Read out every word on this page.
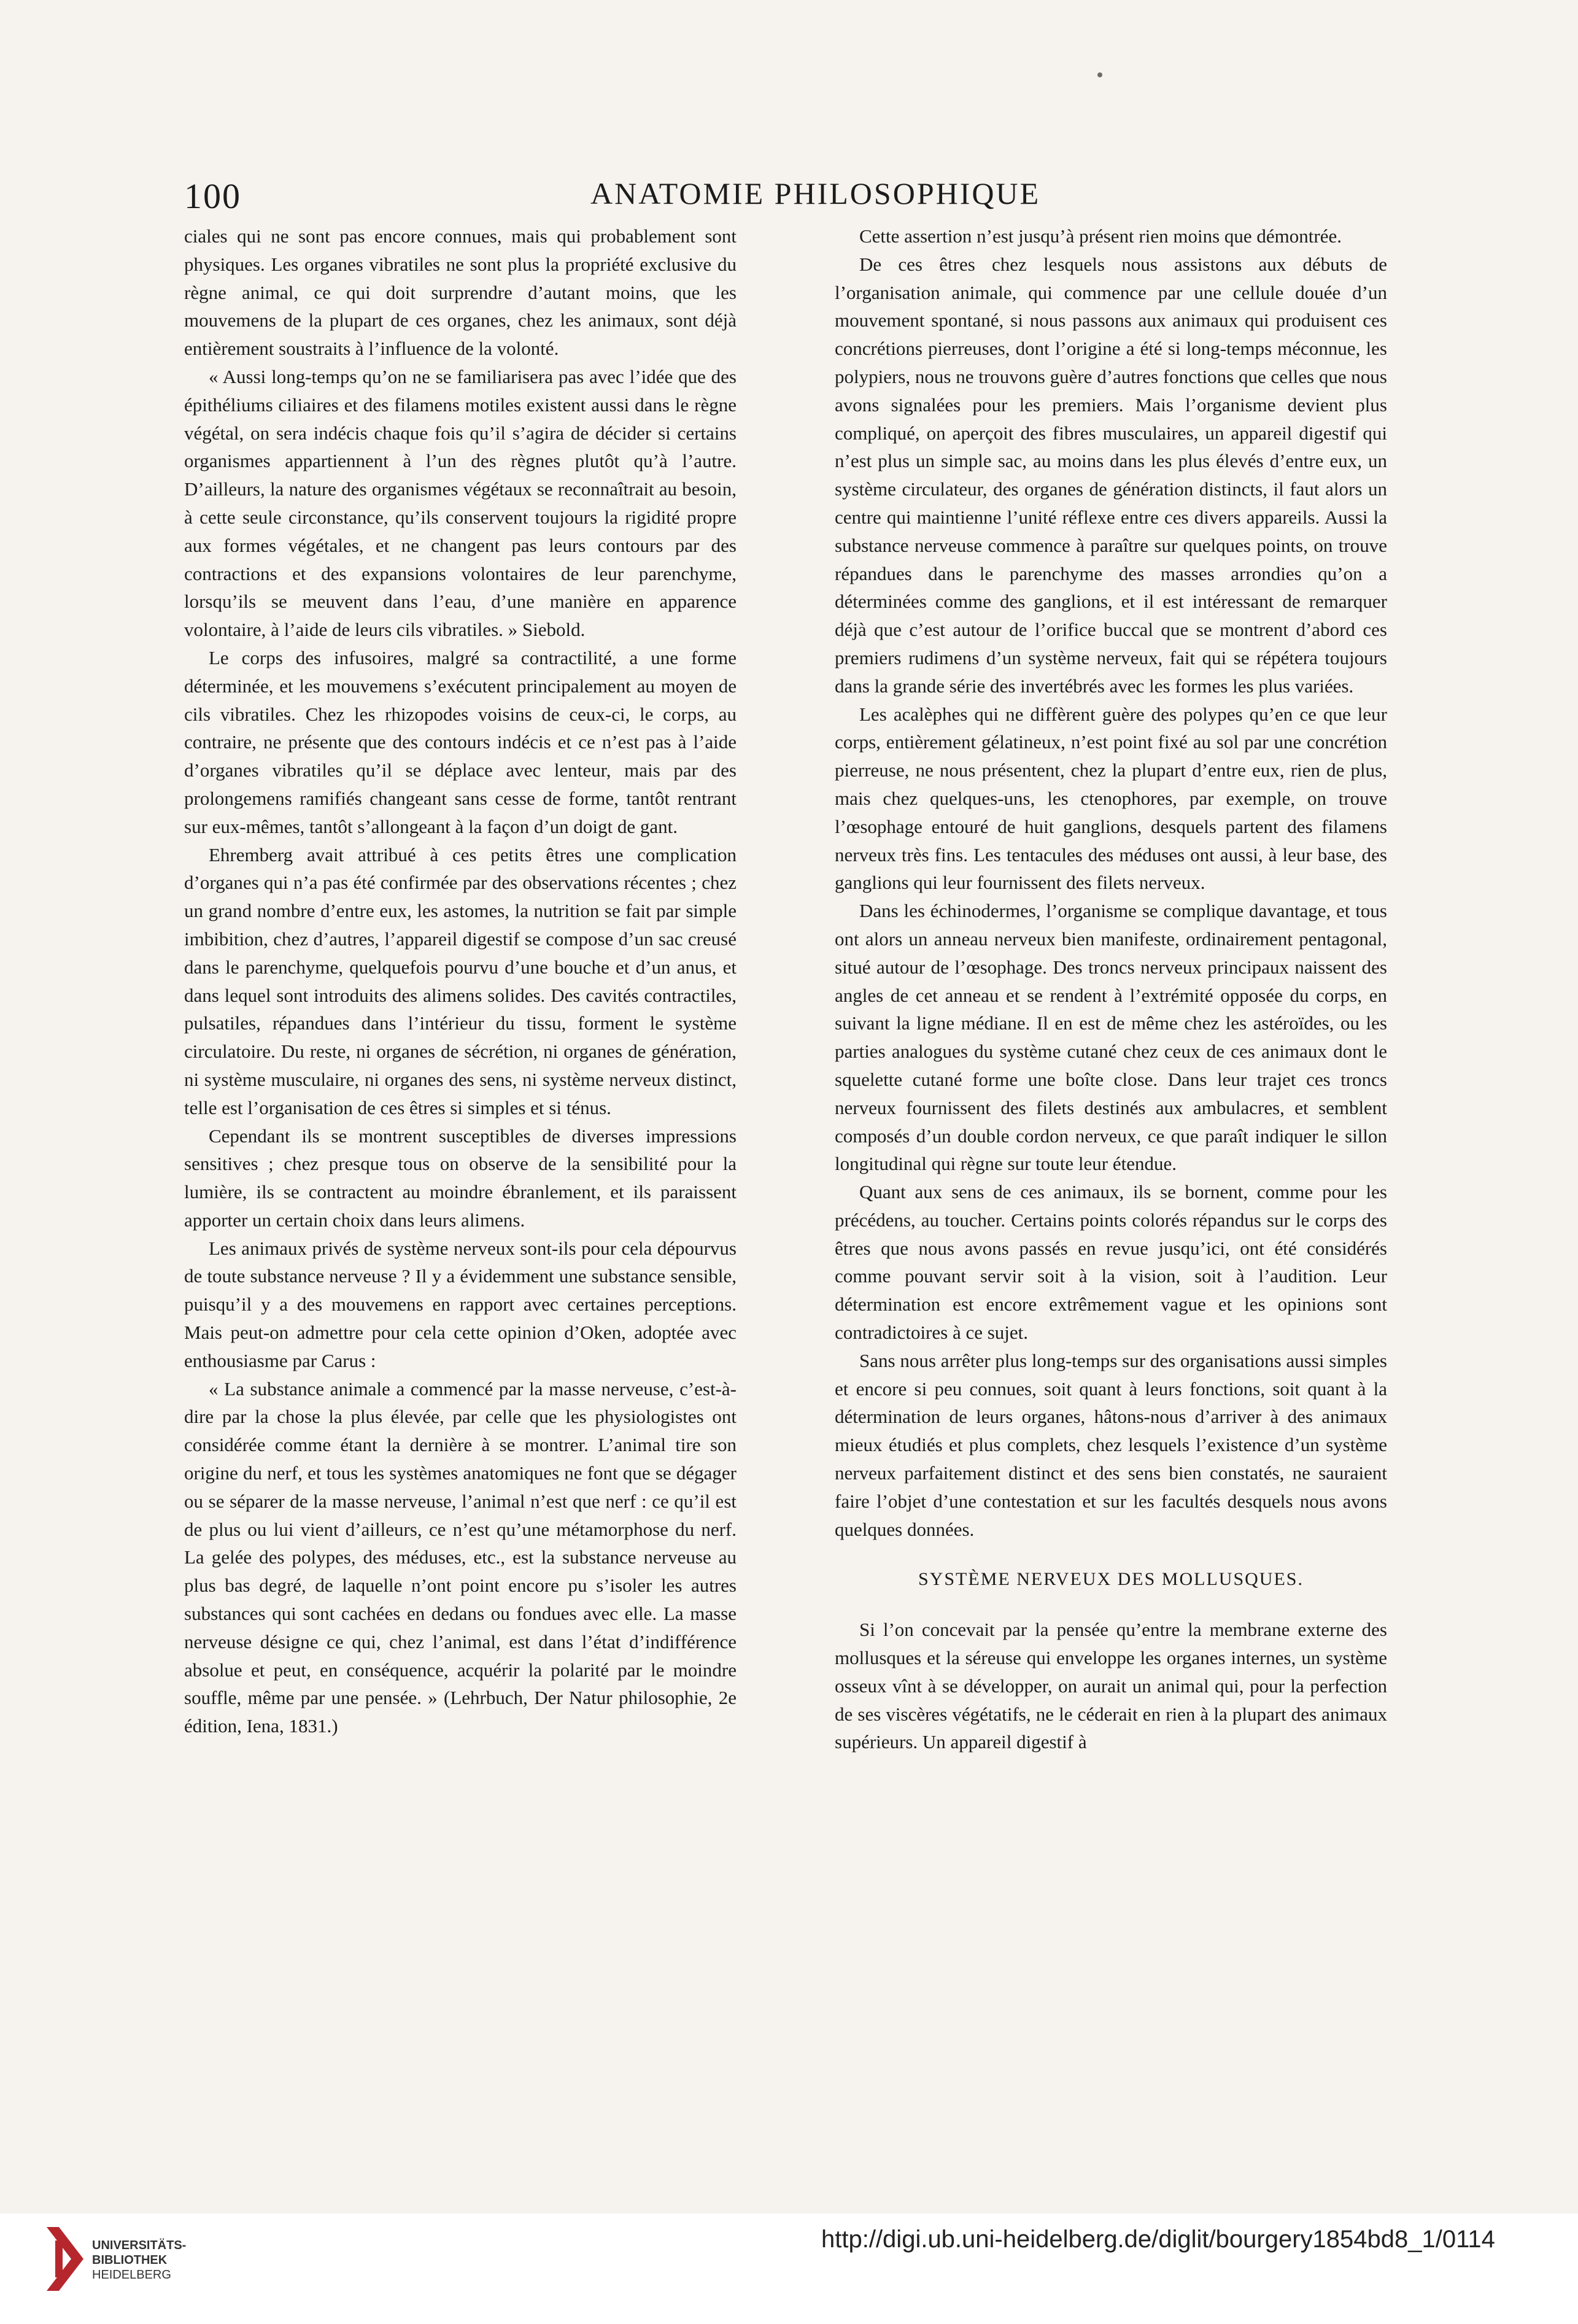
100	ANATOMIE PHILOSOPHIQUE

ciales qui ne sont pas encore connues, mais qui probablement sont physiques. Les organes vibratiles ne sont plus la propriété exclusive du règne animal, ce qui doit surprendre d’autant moins, que les mouvemens de la plupart de ces organes, chez les animaux, sont déjà entièrement soustraits à l’influence de la volonté.

« Aussi long-temps qu’on ne se familiarisera pas avec l’idée que des épithéliums ciliaires et des filamens motiles existent aussi dans le règne végétal, on sera indécis chaque fois qu’il s’agira de décider si certains organismes appartiennent à l’un des règnes plutôt qu’à l’autre. D’ailleurs, la nature des organismes végétaux se reconnaîtrait au besoin, à cette seule circonstance, qu’ils conservent toujours la rigidité propre aux formes végétales, et ne changent pas leurs contours par des contractions et des expansions volontaires de leur parenchyme, lorsqu’ils se meuvent dans l’eau, d’une manière en apparence volontaire, à l’aide de leurs cils vibratiles. » Siebold.

Le corps des infusoires, malgré sa contractilité, a une forme déterminée, et les mouvemens s’exécutent principalement au moyen de cils vibratiles. Chez les rhizopodes voisins de ceux-ci, le corps, au contraire, ne présente que des contours indécis et ce n’est pas à l’aide d’organes vibratiles qu’il se déplace avec lenteur, mais par des prolongemens ramifiés changeant sans cesse de forme, tantôt rentrant sur eux-mêmes, tantôt s’allongeant à la façon d’un doigt de gant.

Ehremberg avait attribué à ces petits êtres une complication d’organes qui n’a pas été confirmée par des observations récentes ; chez un grand nombre d’entre eux, les astomes, la nutrition se fait par simple imbibition, chez d’autres, l’appareil digestif se compose d’un sac creusé dans le parenchyme, quelquefois pourvu d’une bouche et d’un anus, et dans lequel sont introduits des alimens solides. Des cavités contractiles, pulsatiles, répandues dans l’intérieur du tissu, forment le système circulatoire. Du reste, ni organes de sécrétion, ni organes de génération, ni système musculaire, ni organes des sens, ni système nerveux distinct, telle est l’organisation de ces êtres si simples et si ténus.

Cependant ils se montrent susceptibles de diverses impressions sensitives ; chez presque tous on observe de la sensibilité pour la lumière, ils se contractent au moindre ébranlement, et ils paraissent apporter un certain choix dans leurs alimens.

Les animaux privés de système nerveux sont-ils pour cela dépourvus de toute substance nerveuse ? Il y a évidemment une substance sensible, puisqu’il y a des mouvemens en rapport avec certaines perceptions. Mais peut-on admettre pour cela cette opinion d’Oken, adoptée avec enthousiasme par Carus :

« La substance animale a commencé par la masse nerveuse, c’est-à-dire par la chose la plus élevée, par celle que les physiologistes ont considérée comme étant la dernière à se montrer. L’animal tire son origine du nerf, et tous les systèmes anatomiques ne font que se dégager ou se séparer de la masse nerveuse, l’animal n’est que nerf : ce qu’il est de plus ou lui vient d’ailleurs, ce n’est qu’une métamorphose du nerf. La gelée des polypes, des méduses, etc., est la substance nerveuse au plus bas degré, de laquelle n’ont point encore pu s’isoler les autres substances qui sont cachées en dedans ou fondues avec elle. La masse nerveuse désigne ce qui, chez l’animal, est dans l’état d’indifférence absolue et peut, en conséquence, acquérir la polarité par le moindre souffle, même par une pensée. » (Lehrbuch, Der Natur philosophie, 2e édition, Iena, 1831.)

Cette assertion n’est jusqu’à présent rien moins que démontrée.

De ces êtres chez lesquels nous assistons aux débuts de l’organisation animale, qui commence par une cellule douée d’un mouvement spontané, si nous passons aux animaux qui produisent ces concrétions pierreuses, dont l’origine a été si long-temps méconnue, les polypiers, nous ne trouvons guère d’autres fonctions que celles que nous avons signalées pour les premiers. Mais l’organisme devient plus compliqué, on aperçoit des fibres musculaires, un appareil digestif qui n’est plus un simple sac, au moins dans les plus élevés d’entre eux, un système circulateur, des organes de génération distincts, il faut alors un centre qui maintienne l’unité réflexe entre ces divers appareils. Aussi la substance nerveuse commence à paraître sur quelques points, on trouve répandues dans le parenchyme des masses arrondies qu’on a déterminées comme des ganglions, et il est intéressant de remarquer déjà que c’est autour de l’orifice buccal que se montrent d’abord ces premiers rudimens d’un système nerveux, fait qui se répétera toujours dans la grande série des invertébrés avec les formes les plus variées.

Les acalèphes qui ne diffèrent guère des polypes qu’en ce que leur corps, entièrement gélatineux, n’est point fixé au sol par une concrétion pierreuse, ne nous présentent, chez la plupart d’entre eux, rien de plus, mais chez quelques-uns, les ctenophores, par exemple, on trouve l’œsophage entouré de huit ganglions, desquels partent des filamens nerveux très fins. Les tentacules des méduses ont aussi, à leur base, des ganglions qui leur fournissent des filets nerveux.

Dans les échinodermes, l’organisme se complique davantage, et tous ont alors un anneau nerveux bien manifeste, ordinairement pentagonal, situé autour de l’œsophage. Des troncs nerveux principaux naissent des angles de cet anneau et se rendent à l’extrémité opposée du corps, en suivant la ligne médiane. Il en est de même chez les astéroïdes, ou les parties analogues du système cutané chez ceux de ces animaux dont le squelette cutané forme une boîte close. Dans leur trajet ces troncs nerveux fournissent des filets destinés aux ambulacres, et semblent composés d’un double cordon nerveux, ce que paraît indiquer le sillon longitudinal qui règne sur toute leur étendue.

Quant aux sens de ces animaux, ils se bornent, comme pour les précédens, au toucher. Certains points colorés répandus sur le corps des êtres que nous avons passés en revue jusqu’ici, ont été considérés comme pouvant servir soit à la vision, soit à l’audition. Leur détermination est encore extrêmement vague et les opinions sont contradictoires à ce sujet.

Sans nous arrêter plus long-temps sur des organisations aussi simples et encore si peu connues, soit quant à leurs fonctions, soit quant à la détermination de leurs organes, hâtons-nous d’arriver à des animaux mieux étudiés et plus complets, chez lesquels l’existence d’un système nerveux parfaitement distinct et des sens bien constatés, ne sauraient faire l’objet d’une contestation et sur les facultés desquels nous avons quelques données.

SYSTÈME NERVEUX DES MOLLUSQUES.

Si l’on concevait par la pensée qu’entre la membrane externe des mollusques et la séreuse qui enveloppe les organes internes, un système osseux vînt à se développer, on aurait un animal qui, pour la perfection de ses viscères végétatifs, ne le céderait en rien à la plupart des animaux supérieurs. Un appareil digestif à

UNIVERSITÄTS-
BIBLIOTHEK
HEIDELBERG
http://digi.ub.uni-heidelberg.de/diglit/bourgery1854bd8_1/0114
